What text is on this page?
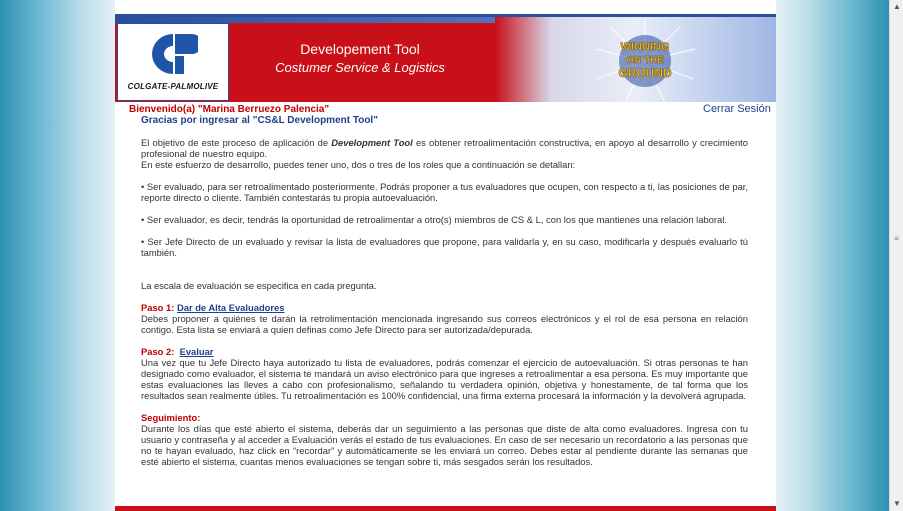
COLGATE-PALMOLIVE
Developement Tool
Costumer Service & Logistics
WINNING
ON THE
GROUND
Bienvenido(a) "Marina Berruezo Palencia"
Gracias por ingresar al "CS&L Development Tool"
Cerrar Sesión

El objetivo de este proceso de aplicación de Development Tool es obtener retroalimentación constructiva, en apoyo al desarrollo y crecimiento profesional de nuestro equipo.

En este esfuerzo de desarrollo, puedes tener uno, dos o tres de los roles que a continuación se detallan:

• Ser evaluado, para ser retroalimentado posteriormente. Podrás proponer a tus evaluadores que ocupen, con respecto a ti, las posiciones de par, reporte directo o cliente. También contestarás tu propia autoevaluación.

• Ser evaluador, es decir, tendrás la oportunidad de retroalimentar a otro(s) miembros de CS & L, con los que mantienes una relación laboral.

• Ser Jefe Directo de un evaluado y revisar la lista de evaluadores que propone, para validarla y, en su caso, modificarla y después evaluarlo tú también.

La escala de evaluación se especifica en cada pregunta.

Paso 1: Dar de Alta Evaluadores

Debes proponer a quiénes te darán la retrolimentación mencionada ingresando sus correos electrónicos y el rol de esa persona en relación contigo. Esta lista se enviará a quien definas como Jefe Directo para ser autorizada/depurada.

Paso 2: Evaluar

Una vez que tu Jefe Directo haya autorizado tu lista de evaluadores, podrás comenzar el ejercicio de autoevaluación. Si otras personas te han designado como evaluador, el sistema te mandará un aviso electrónico para que ingreses a retroalimentar a esa persona. Es muy importante que estas evaluaciones las lleves a cabo con profesionalismo, señalando tu verdadera opinión, objetiva y honestamente, de tal forma que los resultados sean realmente útiles. Tu retroalimentación es 100% confidencial, una firma externa procesará la información y la devolverá agrupada.

Seguimiento:

Durante los días que esté abierto el sistema, deberás dar un seguimiento a las personas que diste de alta como evaluadores. Ingresa con tu usuario y contraseña y al acceder a Evaluación verás el estado de tus evaluaciones. En caso de ser necesario un recordatorio a las personas que no te hayan evaluado, haz click en “recordar” y automáticamente se les enviará un correo. Debes estar al pendiente durante las semanas que esté abierto el sistema, cuantas menos evaluaciones se tengan sobre ti, más sesgados serán los resultados.

▲
≡
▼
